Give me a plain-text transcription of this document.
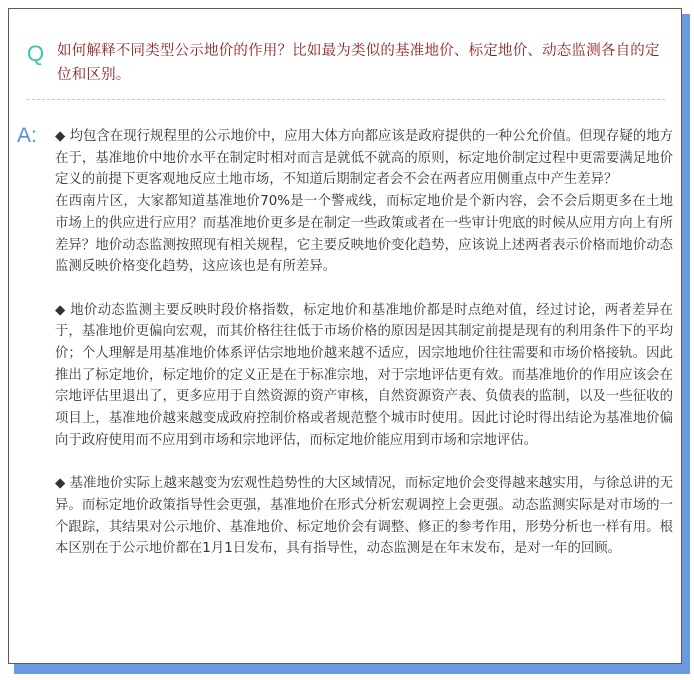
Q 如何解释不同类型公示地价的作用？比如最为类似的基准地价、标定地价、动态监测各自的定位和区别。
A: ◆ 均包含在现行规程里的公示地价中，应用大体方向都应该是政府提供的一种公允价值。但现存疑的地方在于，基准地价中地价水平在制定时相对而言是就低不就高的原则，标定地价制定过程中更需要满足地价定义的前提下更客观地反应土地市场，不知道后期制定者会不会在两者应用侧重点中产生差异？

在西南片区，大家都知道基准地价70%是一个警戒线，而标定地价是个新内容，会不会后期更多在土地市场上的供应进行应用？而基准地价更多是在制定一些政策或者在一些审计兜底的时候从应用方向上有所差异？地价动态监测按照现有相关规程，它主要反映地价变化趋势，应该说上述两者表示价格而地价动态监测反映价格变化趋势，这应该也是有所差异。

◆ 地价动态监测主要反映时段价格指数，标定地价和基准地价都是时点绝对值，经过讨论，两者差异在于，基准地价更偏向宏观，而其价格往往低于市场价格的原因是因其制定前提是现有的利用条件下的平均价；个人理解是用基准地价体系评估宗地地价越来越不适应，因宗地地价往往需要和市场价格接轨。因此推出了标定地价，标定地价的定义正是在于标准宗地，对于宗地评估更有效。而基准地价的作用应该会在宗地评估里退出了，更多应用于自然资源的资产审核，自然资源资产表、负债表的监制，以及一些征收的项目上，基准地价越来越变成政府控制价格或者规范整个城市时使用。因此讨论时得出结论为基准地价偏向于政府使用而不应用到市场和宗地评估，而标定地价能应用到市场和宗地评估。

◆ 基准地价实际上越来越变为宏观性趋势性的大区域情况，而标定地价会变得越来越实用，与徐总讲的无异。而标定地价政策指导性会更强，基准地价在形式分析宏观调控上会更强。动态监测实际是对市场的一个跟踪，其结果对公示地价、基准地价、标定地价会有调整、修正的参考作用，形势分析也一样有用。根本区别在于公示地价都在1月1日发布，具有指导性，动态监测是在年末发布，是对一年的回顾。
